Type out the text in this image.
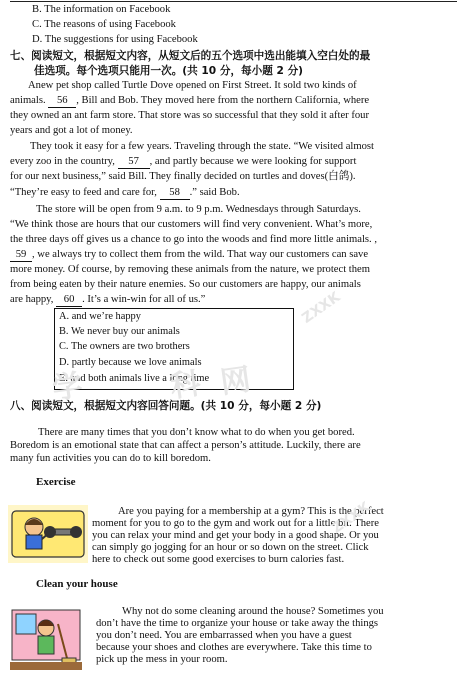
B. The information on Facebook
C. The reasons of using Facebook
D. The suggestions for using Facebook
七、阅读短文，根据短文内容，从短文后的五个选项中选出能填入空白处的最
佳选项。每个选项只能用一次。(共 10 分，每小题 2 分)
Anew pet shop called Turtle Dove opened on First Street. It sold two kinds of
animals. 56 , Bill and Bob. They moved here from the northern California, where
they owned an ant farm store. That store was so successful that they sold it after four
years and got a lot of money.
They took it easy for a few years. Traveling through the state. “We visited almost
every zoo in the country, 57 , and partly because we were looking for support
for our next business,” said Bill. They finally decided on turtles and doves(白鸽).
“They’re easy to feed and care for, 58 .” said Bob.
The store will be open from 9 a.m. to 9 p.m. Wednesdays through Saturdays.
“We think those are hours that our customers will find very convenient. What’s more,
the three days off gives us a chance to go into the woods and find more little animals. ,
59 , we always try to collect them from the wild. That way our customers can save
more money. Of course, by removing these animals from the nature, we protect them
from being eaten by their nature enemies. So our customers are happy, our animals
are happy, 60 . It’s a win-win for all of us.”
A. and we’re happy
B. We never buy our animals
C. The owners are two brothers
D. partly because we love animals
E. and both animals live a long time
八、阅读短文，根据短文内容回答问题。(共 10 分，每小题 2 分)
There are many times that you don’t know what to do when you get bored.
Boredom is an emotional state that can affect a person’s attitude. Luckily, there are
many fun activities you can do to kill boredom.
Exercise
Are you paying for a membership at a gym? This is the perfect
moment for you to go to the gym and work out for a little bit. There
you can relax your mind and get your body in a good shape. Or you
can simply go jogging for an hour or so down on the street. Click
here to check out some good exercises to burn calories fast.
Clean your house
Why not do some cleaning around the house? Sometimes you
don’t have the time to organize your house or take away the things
you don’t need. You are embarrassed when you have a guest
because your shoes and clothes are everywhere. Take this time to
pick up the mess in your room.
学	科 网
ZXXK
ZXXK
